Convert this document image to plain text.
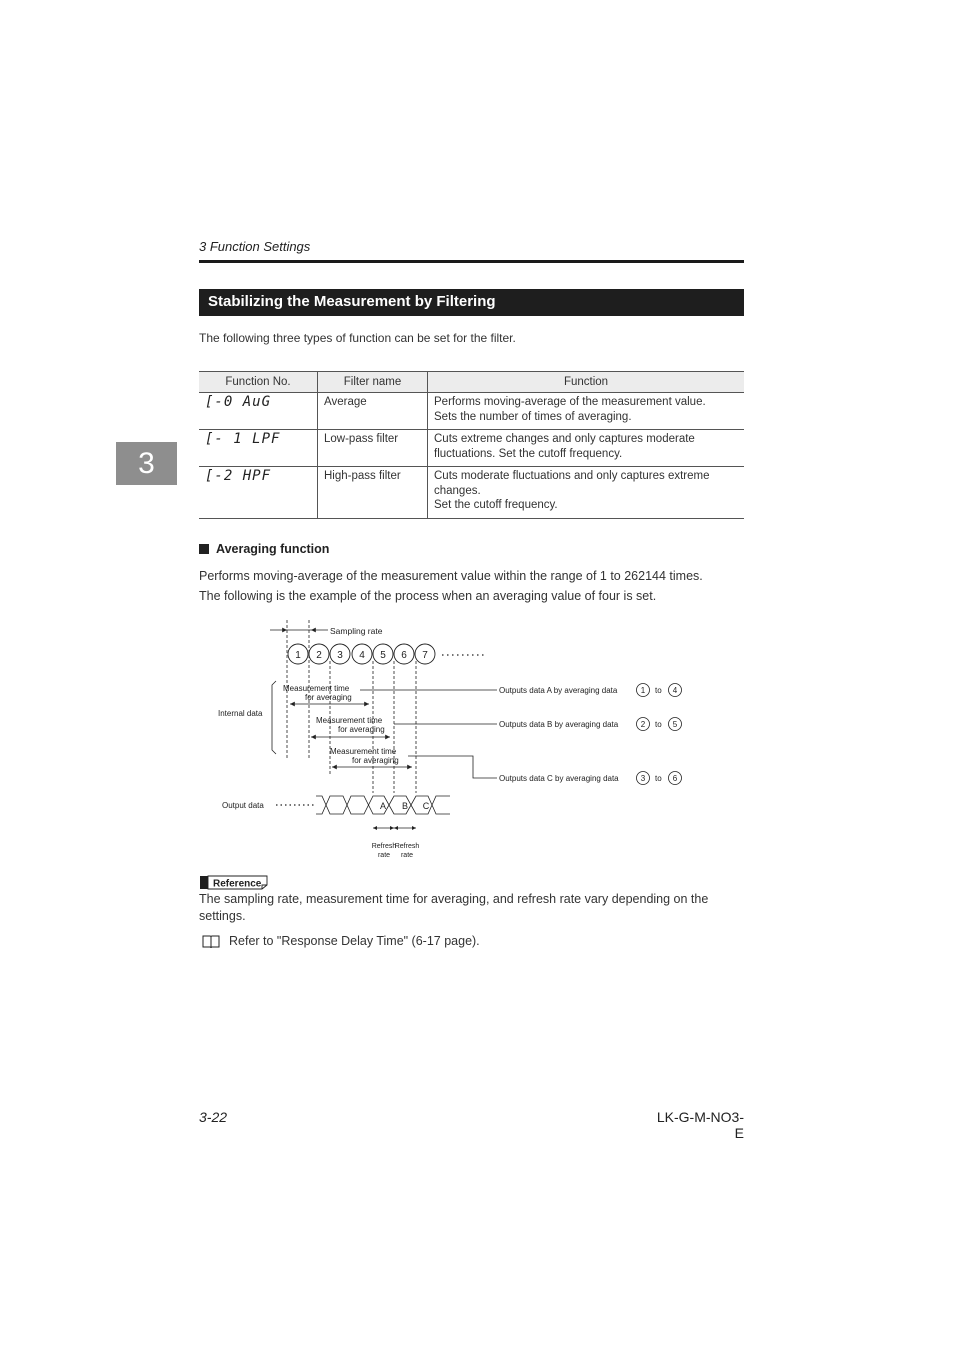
3 Function Settings
Stabilizing the Measurement by Filtering
The following three types of function can be set for the filter.
3
Function No.	Filter name	Function
[-0 AuG	Average	Performs moving-average of the measurement value.
Sets the number of times of averaging.

[- 1 LPF	Low-pass filter	Cuts extreme changes and only captures moderate
fluctuations. Set the cutoff frequency.

[-2 HPF	High-pass filter	Cuts moderate fluctuations and only captures extreme
changes.
Set the cutoff frequency.
Averaging function
Performs moving-average of the measurement value within the range of 1 to 262144 times.
The following is the example of the process when an averaging value of four is set.
Sampling rate
1 2 3 4 5 6 7
Internal data
Measurement time
for averaging
Outputs data A by averaging data	1 to 4
Measurement time
for averaging
Outputs data B by averaging data	2 to 5
Measurement time
for averaging
Outputs data C by averaging data	3 to 6
Output data	A B C
Refresh
rate
Refresh
rate
Reference
The sampling rate, measurement time for averaging, and refresh rate vary depending on the settings.
Refer to "Response Delay Time" (6-17 page).
3-22	LK-G-M-NO3-E
